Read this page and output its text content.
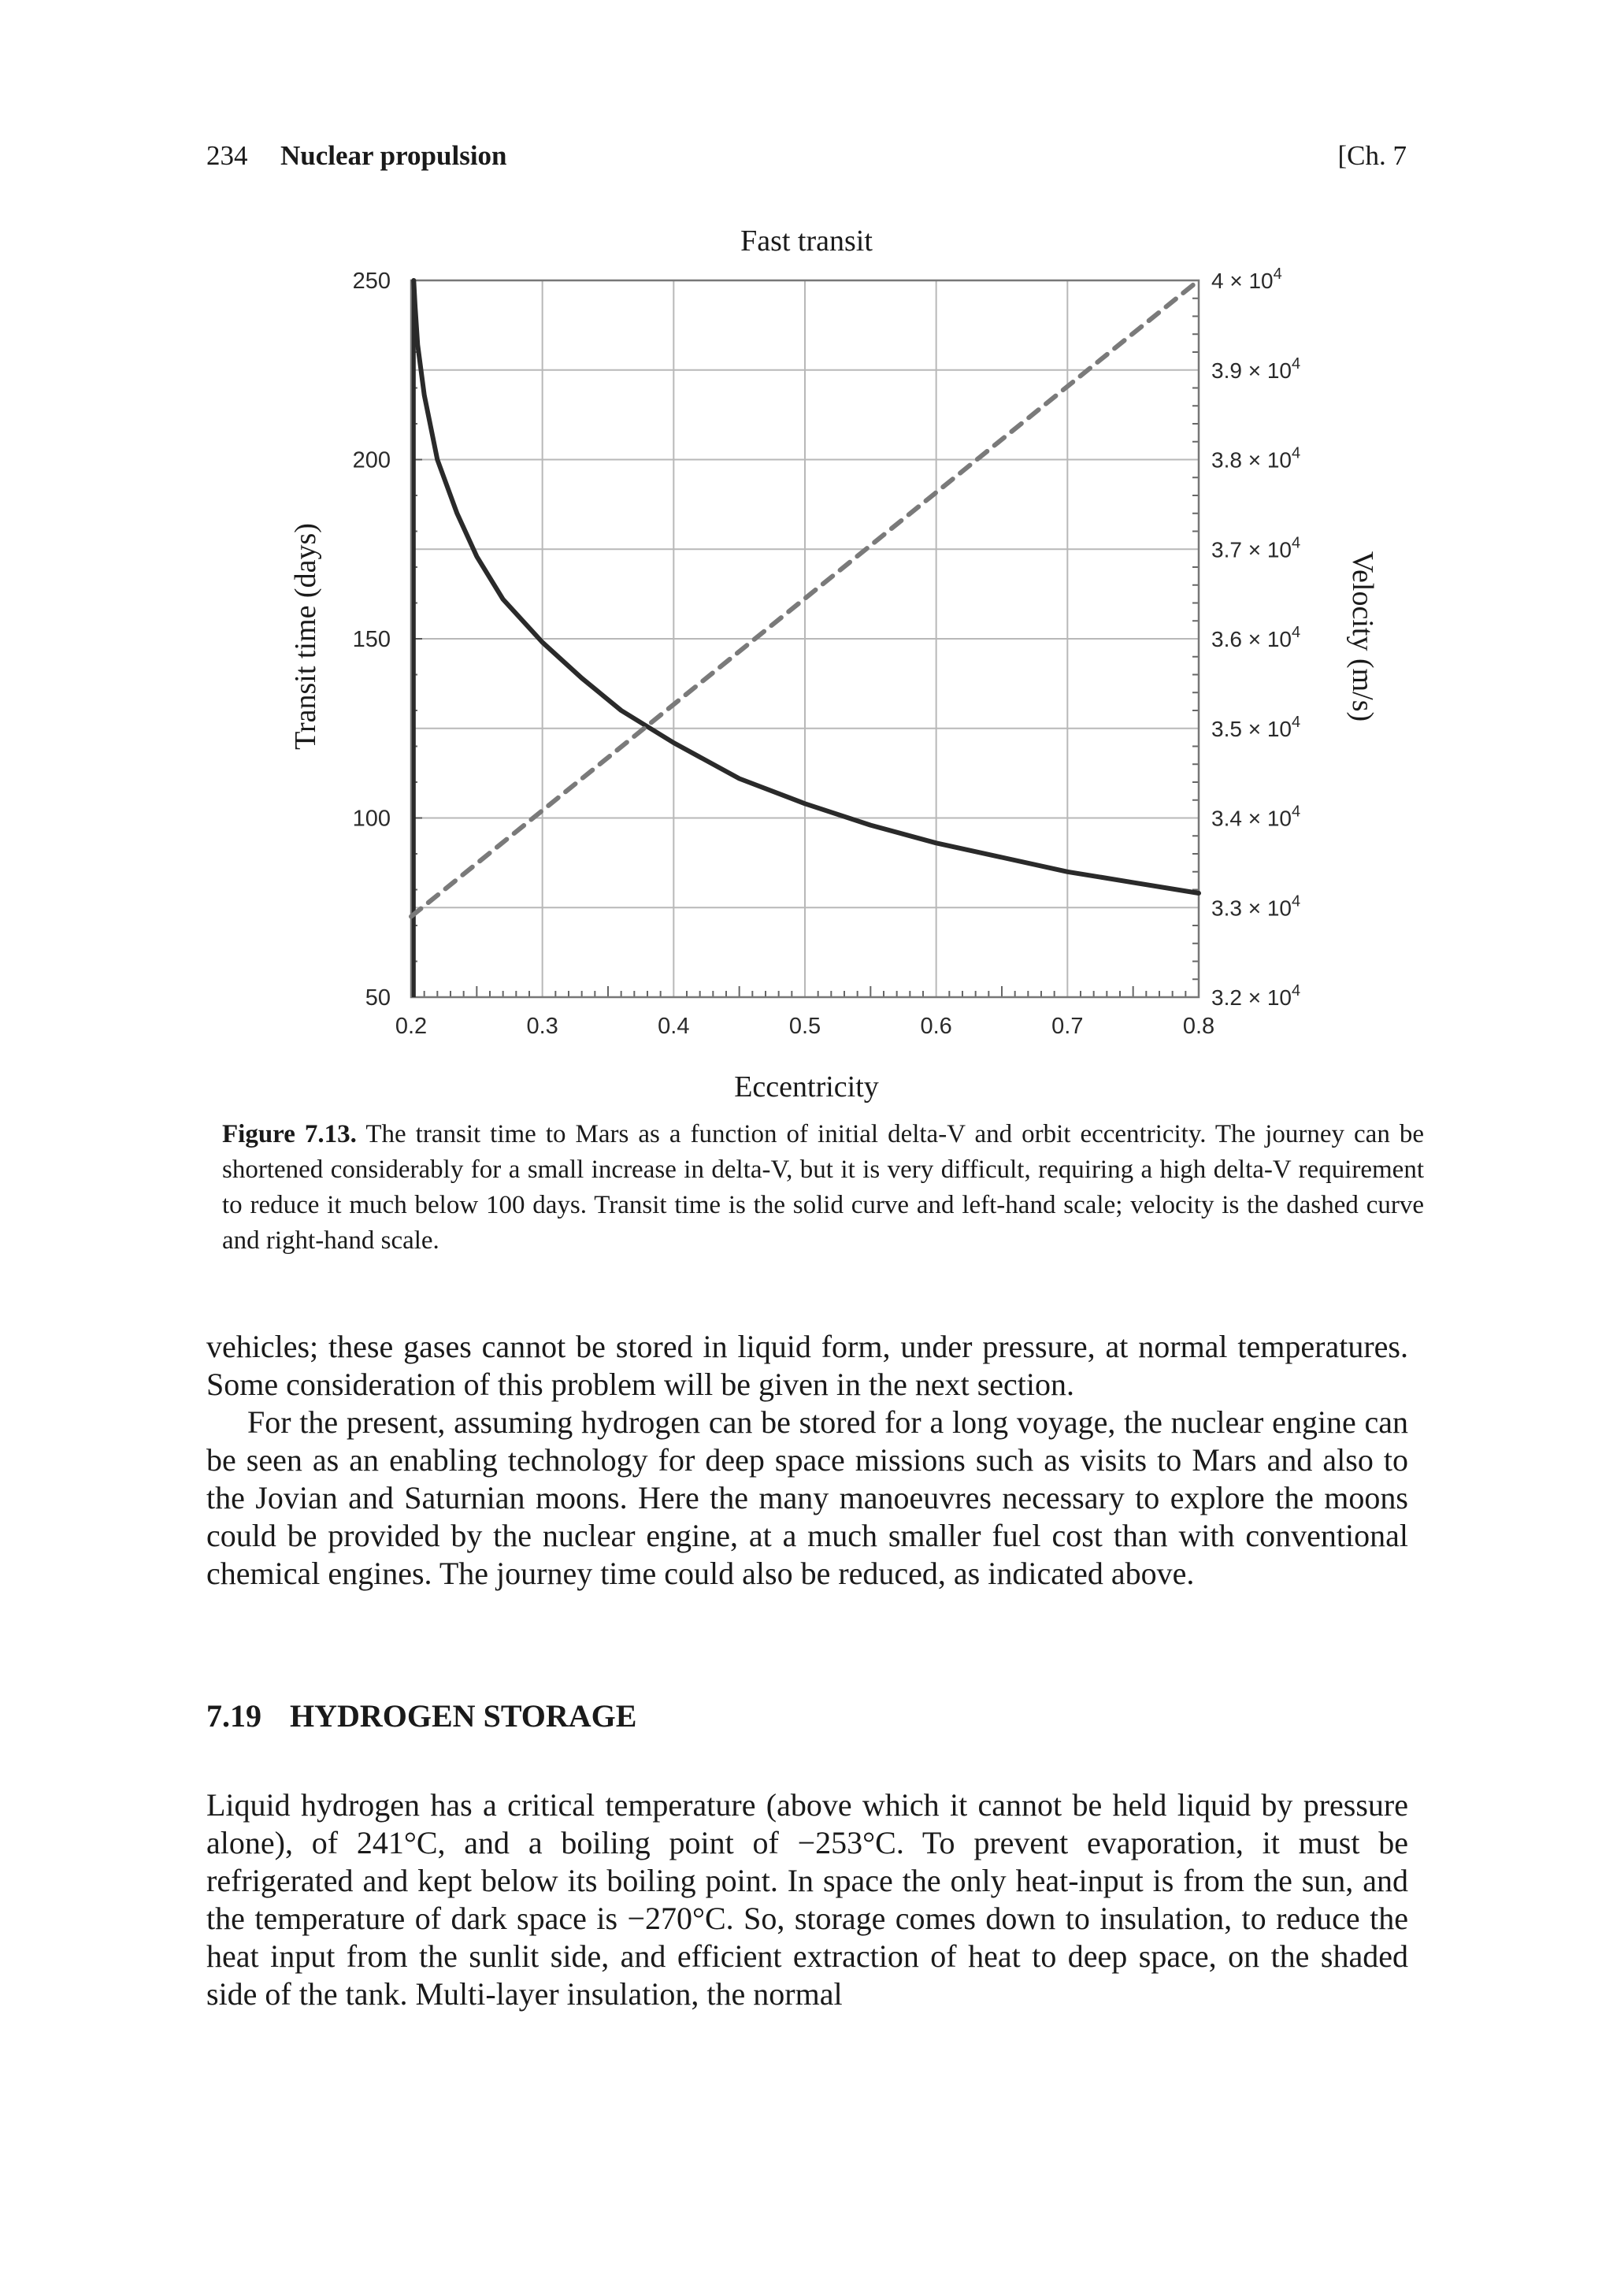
234 Nuclear propulsion	[Ch. 7
Fast transit
Eccentricity
Transit time (days)	Velocity (m/s)
0.2	0.3	0.4	0.5	0.6	0.7	0.8
$3.2 \times 10^4$
$3.3 \times 10^4$
$3.4 \times 10^4$
$3.5 \times 10^4$
$3.6 \times 10^4$
$3.7 \times 10^4$
$3.8 \times 10^4$
$3.9 \times 10^4$
$4 \times 10^4$
50
100
150
200
250
Figure 7.13. The transit time to Mars as a function of initial delta-V and orbit eccentricity. The journey can be shortened considerably for a small increase in delta-V, but it is very difficult, requiring a high delta-V requirement to reduce it much below 100 days. Transit time is the solid curve and left-hand scale; velocity is the dashed curve and right-hand scale.

vehicles; these gases cannot be stored in liquid form, under pressure, at normal temperatures. Some consideration of this problem will be given in the next section.

For the present, assuming hydrogen can be stored for a long voyage, the nuclear engine can be seen as an enabling technology for deep space missions such as visits to Mars and also to the Jovian and Saturnian moons. Here the many manoeuvres necessary to explore the moons could be provided by the nuclear engine, at a much smaller fuel cost than with conventional chemical engines. The journey time could also be reduced, as indicated above.

7.19 HYDROGEN STORAGE

Liquid hydrogen has a critical temperature (above which it cannot be held liquid by pressure alone), of 241°C, and a boiling point of −253°C. To prevent evaporation, it must be refrigerated and kept below its boiling point. In space the only heat-input is from the sun, and the temperature of dark space is −270°C. So, storage comes down to insulation, to reduce the heat input from the sunlit side, and efficient extraction of heat to deep space, on the shaded side of the tank. Multi-layer insulation, the normal
